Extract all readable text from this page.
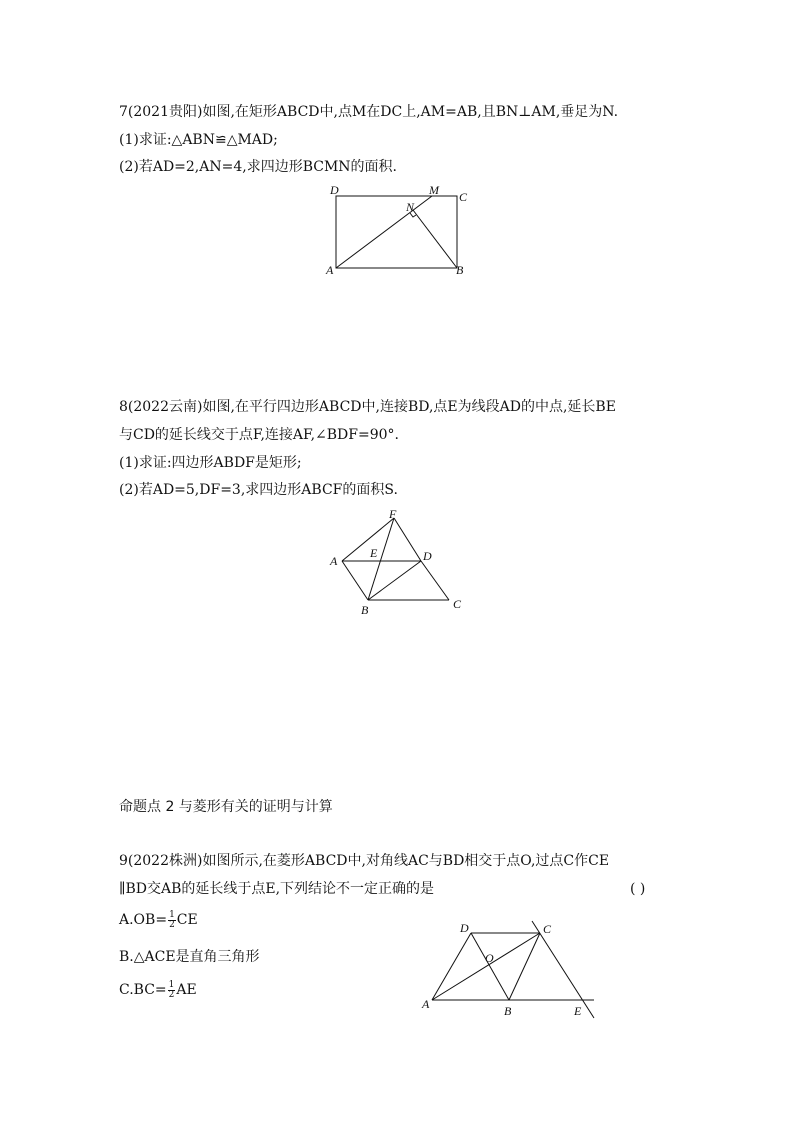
7(2021贵阳)如图,在矩形ABCD中,点M在DC上,AM=AB,且BN⊥AM,垂足为N.
(1)求证:△ABN≌△MAD;
(2)若AD=2,AN=4,求四边形BCMN的面积.
D	M C
N
A	B
8(2022云南)如图,在平行四边形ABCD中,连接BD,点E为线段AD的中点,延长BE
与CD的延长线交于点F,连接AF,∠BDF=90°.
(1)求证:四边形ABDF是矩形;
(2)若AD=5,DF=3,求四边形ABCF的面积S.
F
A
E	D
B	C
命题点 2 与菱形有关的证明与计算
9(2022株洲)如图所示,在菱形ABCD中,对角线AC与BD相交于点O,过点C作CE
∥BD交AB的延长线于点E,下列结论不一定正确的是	( )
$A.OB= \frac{1}{2}$ CE
B.△ACE是直角三角形
$C.BC= \frac{1}{2}$ AE
D	C
O
A	B	E
